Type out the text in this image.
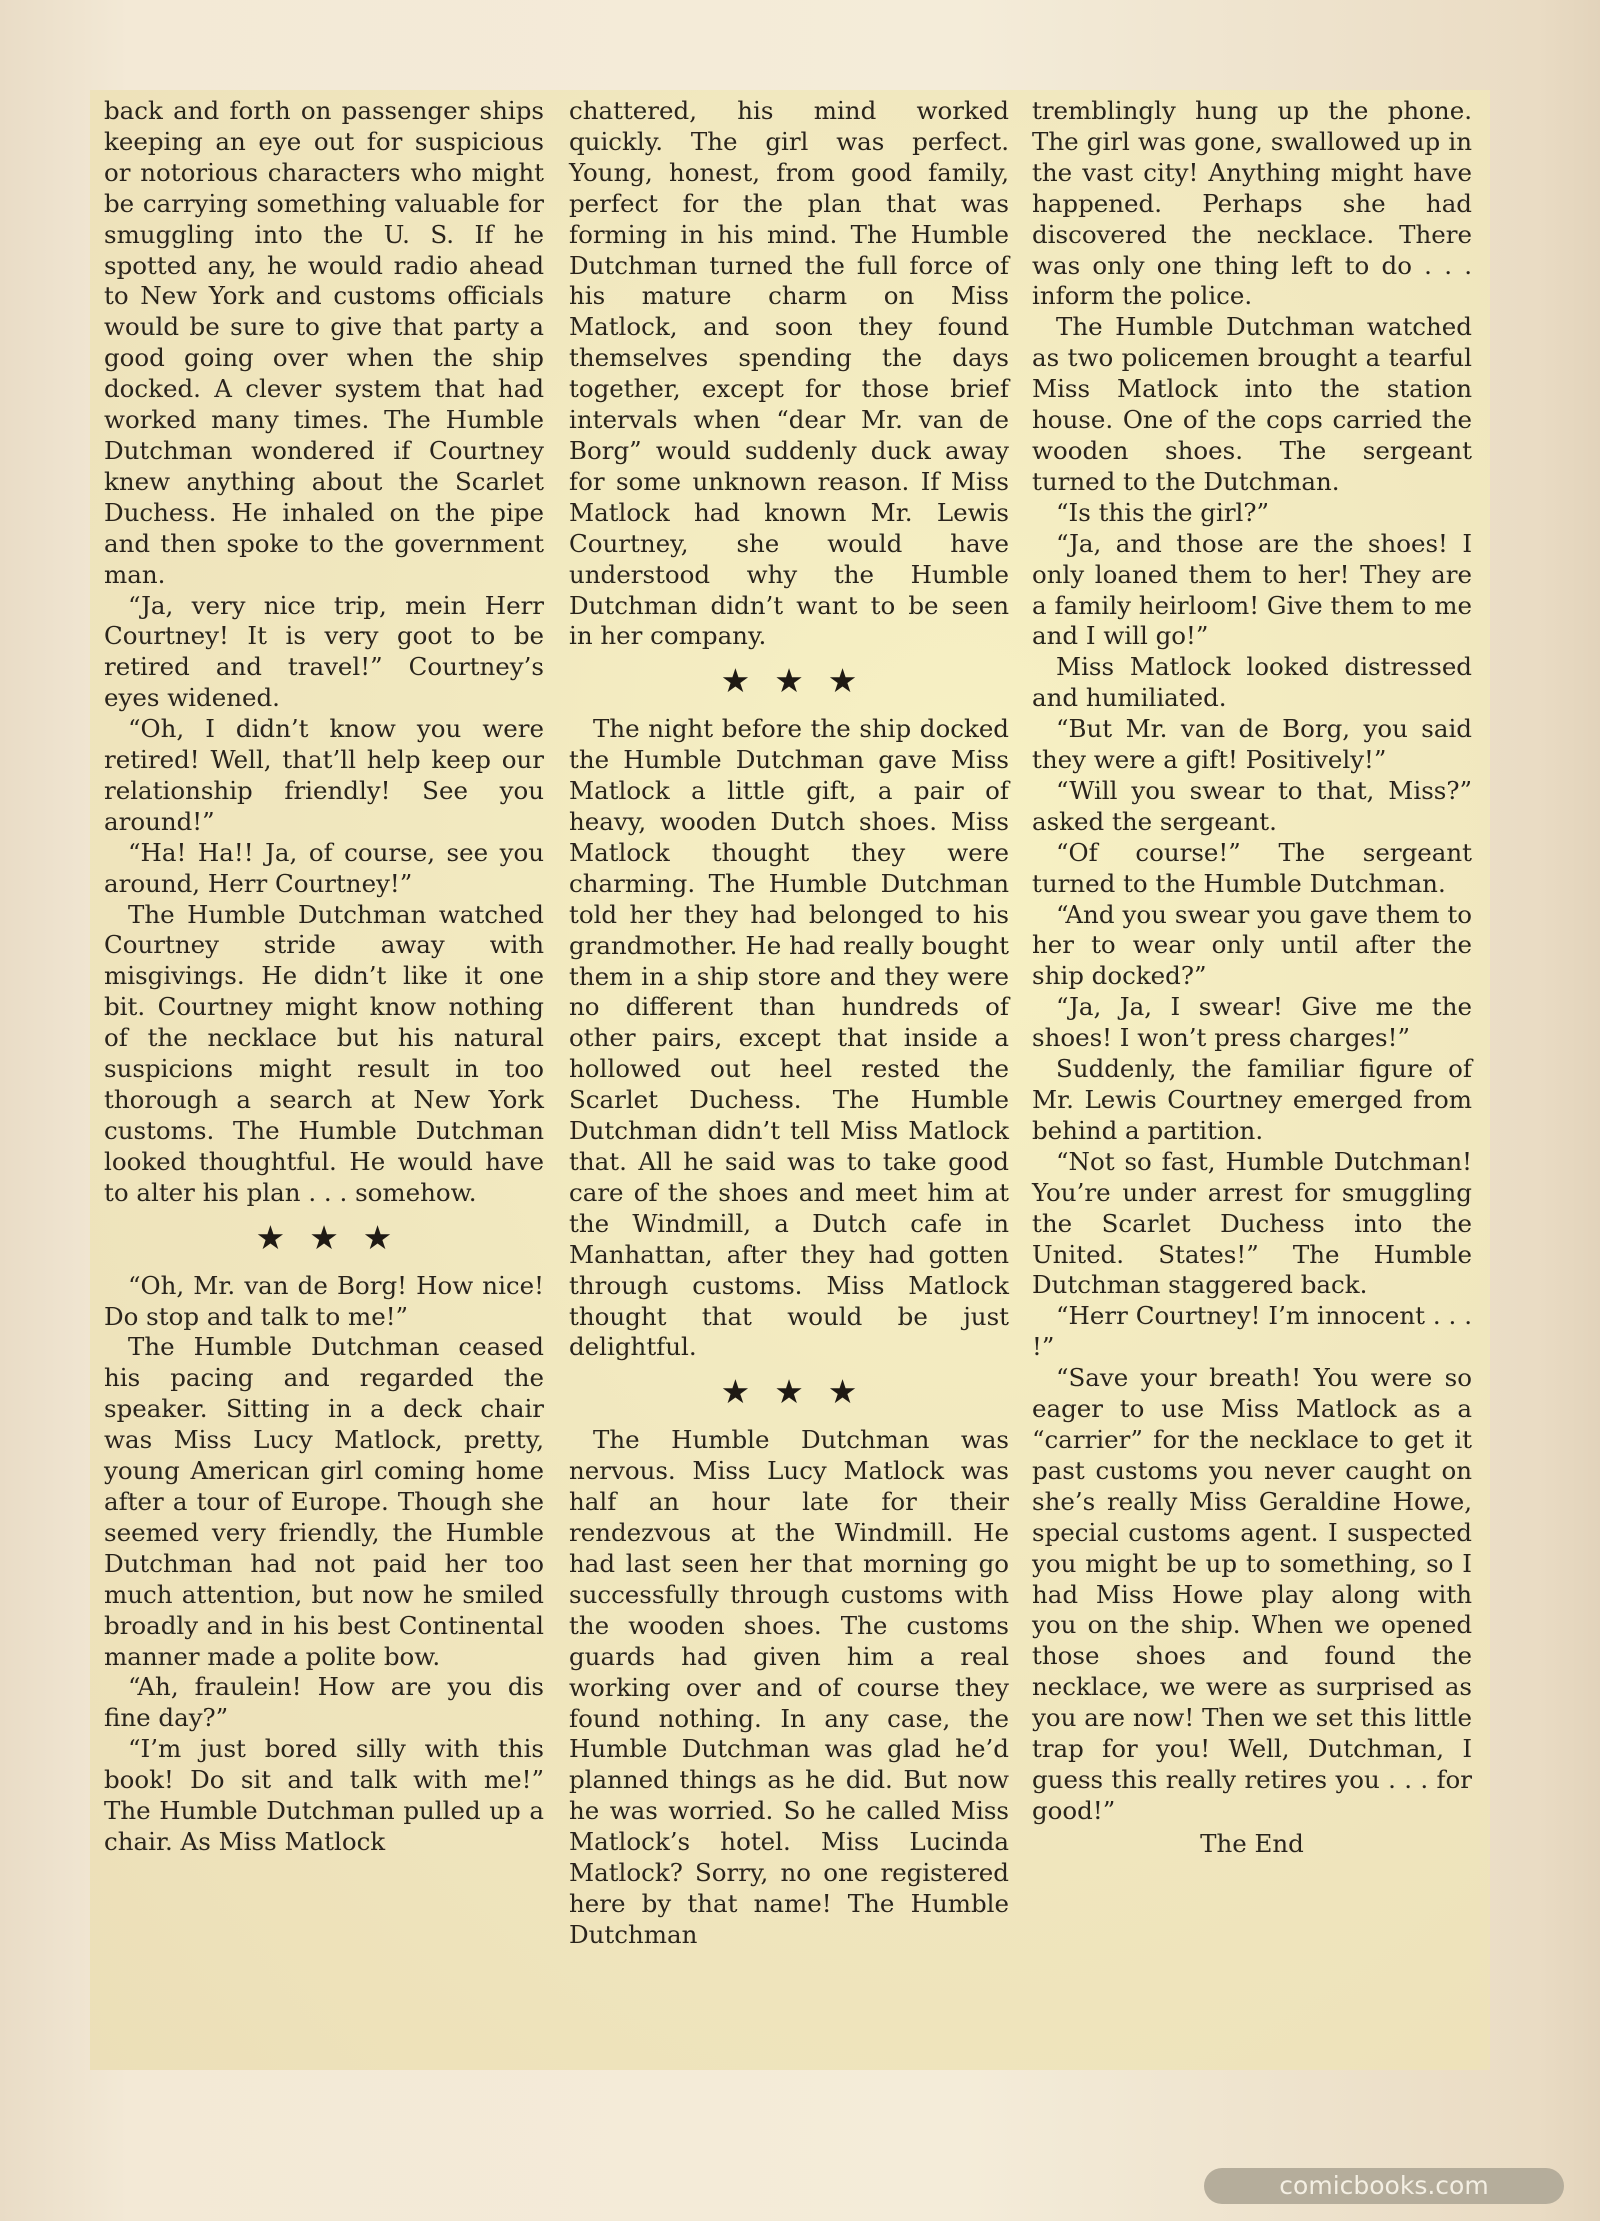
back and forth on passenger ships keeping an eye out for suspicious or notorious characters who might be carrying something valuable for smuggling into the U. S. If he spotted any, he would radio ahead to New York and customs officials would be sure to give that party a good going over when the ship docked. A clever system that had worked many times. The Humble Dutchman wondered if Courtney knew anything about the Scarlet Duchess. He inhaled on the pipe and then spoke to the government man.

“Ja, very nice trip, mein Herr Courtney! It is very goot to be retired and travel!” Courtney’s eyes widened.

“Oh, I didn’t know you were retired! Well, that’ll help keep our relationship friendly! See you around!”

“Ha! Ha!! Ja, of course, see you around, Herr Courtney!”

The Humble Dutchman watched Courtney stride away with misgivings. He didn’t like it one bit. Courtney might know nothing of the necklace but his natural suspicions might result in too thorough a search at New York customs. The Humble Dutchman looked thoughtful. He would have to alter his plan . . . somehow.

★★★

“Oh, Mr. van de Borg! How nice! Do stop and talk to me!”

The Humble Dutchman ceased his pacing and regarded the speaker. Sitting in a deck chair was Miss Lucy Matlock, pretty, young American girl coming home after a tour of Europe. Though she seemed very friendly, the Humble Dutchman had not paid her too much attention, but now he smiled broadly and in his best Continental manner made a polite bow.

“Ah, fraulein! How are you dis fine day?”

“I’m just bored silly with this book! Do sit and talk with me!” The Humble Dutchman pulled up a chair. As Miss Matlock

chattered, his mind worked quickly. The girl was perfect. Young, honest, from good family, perfect for the plan that was forming in his mind. The Humble Dutchman turned the full force of his mature charm on Miss Matlock, and soon they found themselves spending the days together, except for those brief intervals when “dear Mr. van de Borg” would suddenly duck away for some unknown reason. If Miss Matlock had known Mr. Lewis Courtney, she would have understood why the Humble Dutchman didn’t want to be seen in her company.

★★★

The night before the ship docked the Humble Dutchman gave Miss Matlock a little gift, a pair of heavy, wooden Dutch shoes. Miss Matlock thought they were charming. The Humble Dutchman told her they had belonged to his grandmother. He had really bought them in a ship store and they were no different than hundreds of other pairs, except that inside a hollowed out heel rested the Scarlet Duchess. The Humble Dutchman didn’t tell Miss Matlock that. All he said was to take good care of the shoes and meet him at the Windmill, a Dutch cafe in Manhattan, after they had gotten through customs. Miss Matlock thought that would be just delightful.

★★★

The Humble Dutchman was nervous. Miss Lucy Matlock was half an hour late for their rendezvous at the Windmill. He had last seen her that morning go successfully through customs with the wooden shoes. The customs guards had given him a real working over and of course they found nothing. In any case, the Humble Dutchman was glad he’d planned things as he did. But now he was worried. So he called Miss Matlock’s hotel. Miss Lucinda Matlock? Sorry, no one registered here by that name! The Humble Dutchman

tremblingly hung up the phone. The girl was gone, swallowed up in the vast city! Anything might have happened. Perhaps she had discovered the necklace. There was only one thing left to do . . . inform the police.

The Humble Dutchman watched as two policemen brought a tearful Miss Matlock into the station house. One of the cops carried the wooden shoes. The sergeant turned to the Dutchman.

“Is this the girl?”

“Ja, and those are the shoes! I only loaned them to her! They are a family heirloom! Give them to me and I will go!”

Miss Matlock looked distressed and humiliated.

“But Mr. van de Borg, you said they were a gift! Positively!”

“Will you swear to that, Miss?” asked the sergeant.

“Of course!” The sergeant turned to the Humble Dutchman.

“And you swear you gave them to her to wear only until after the ship docked?”

“Ja, Ja, I swear! Give me the shoes! I won’t press charges!”

Suddenly, the familiar figure of Mr. Lewis Courtney emerged from behind a partition.

“Not so fast, Humble Dutchman! You’re under arrest for smuggling the Scarlet Duchess into the United. States!” The Humble Dutchman staggered back.

“Herr Courtney! I’m innocent . . . !”

“Save your breath! You were so eager to use Miss Matlock as a “carrier” for the necklace to get it past customs you never caught on she’s really Miss Geraldine Howe, special customs agent. I suspected you might be up to something, so I had Miss Howe play along with you on the ship. When we opened those shoes and found the necklace, we were as surprised as you are now! Then we set this little trap for you! Well, Dutchman, I guess this really retires you . . . for good!”

The End

comicbooks.com
